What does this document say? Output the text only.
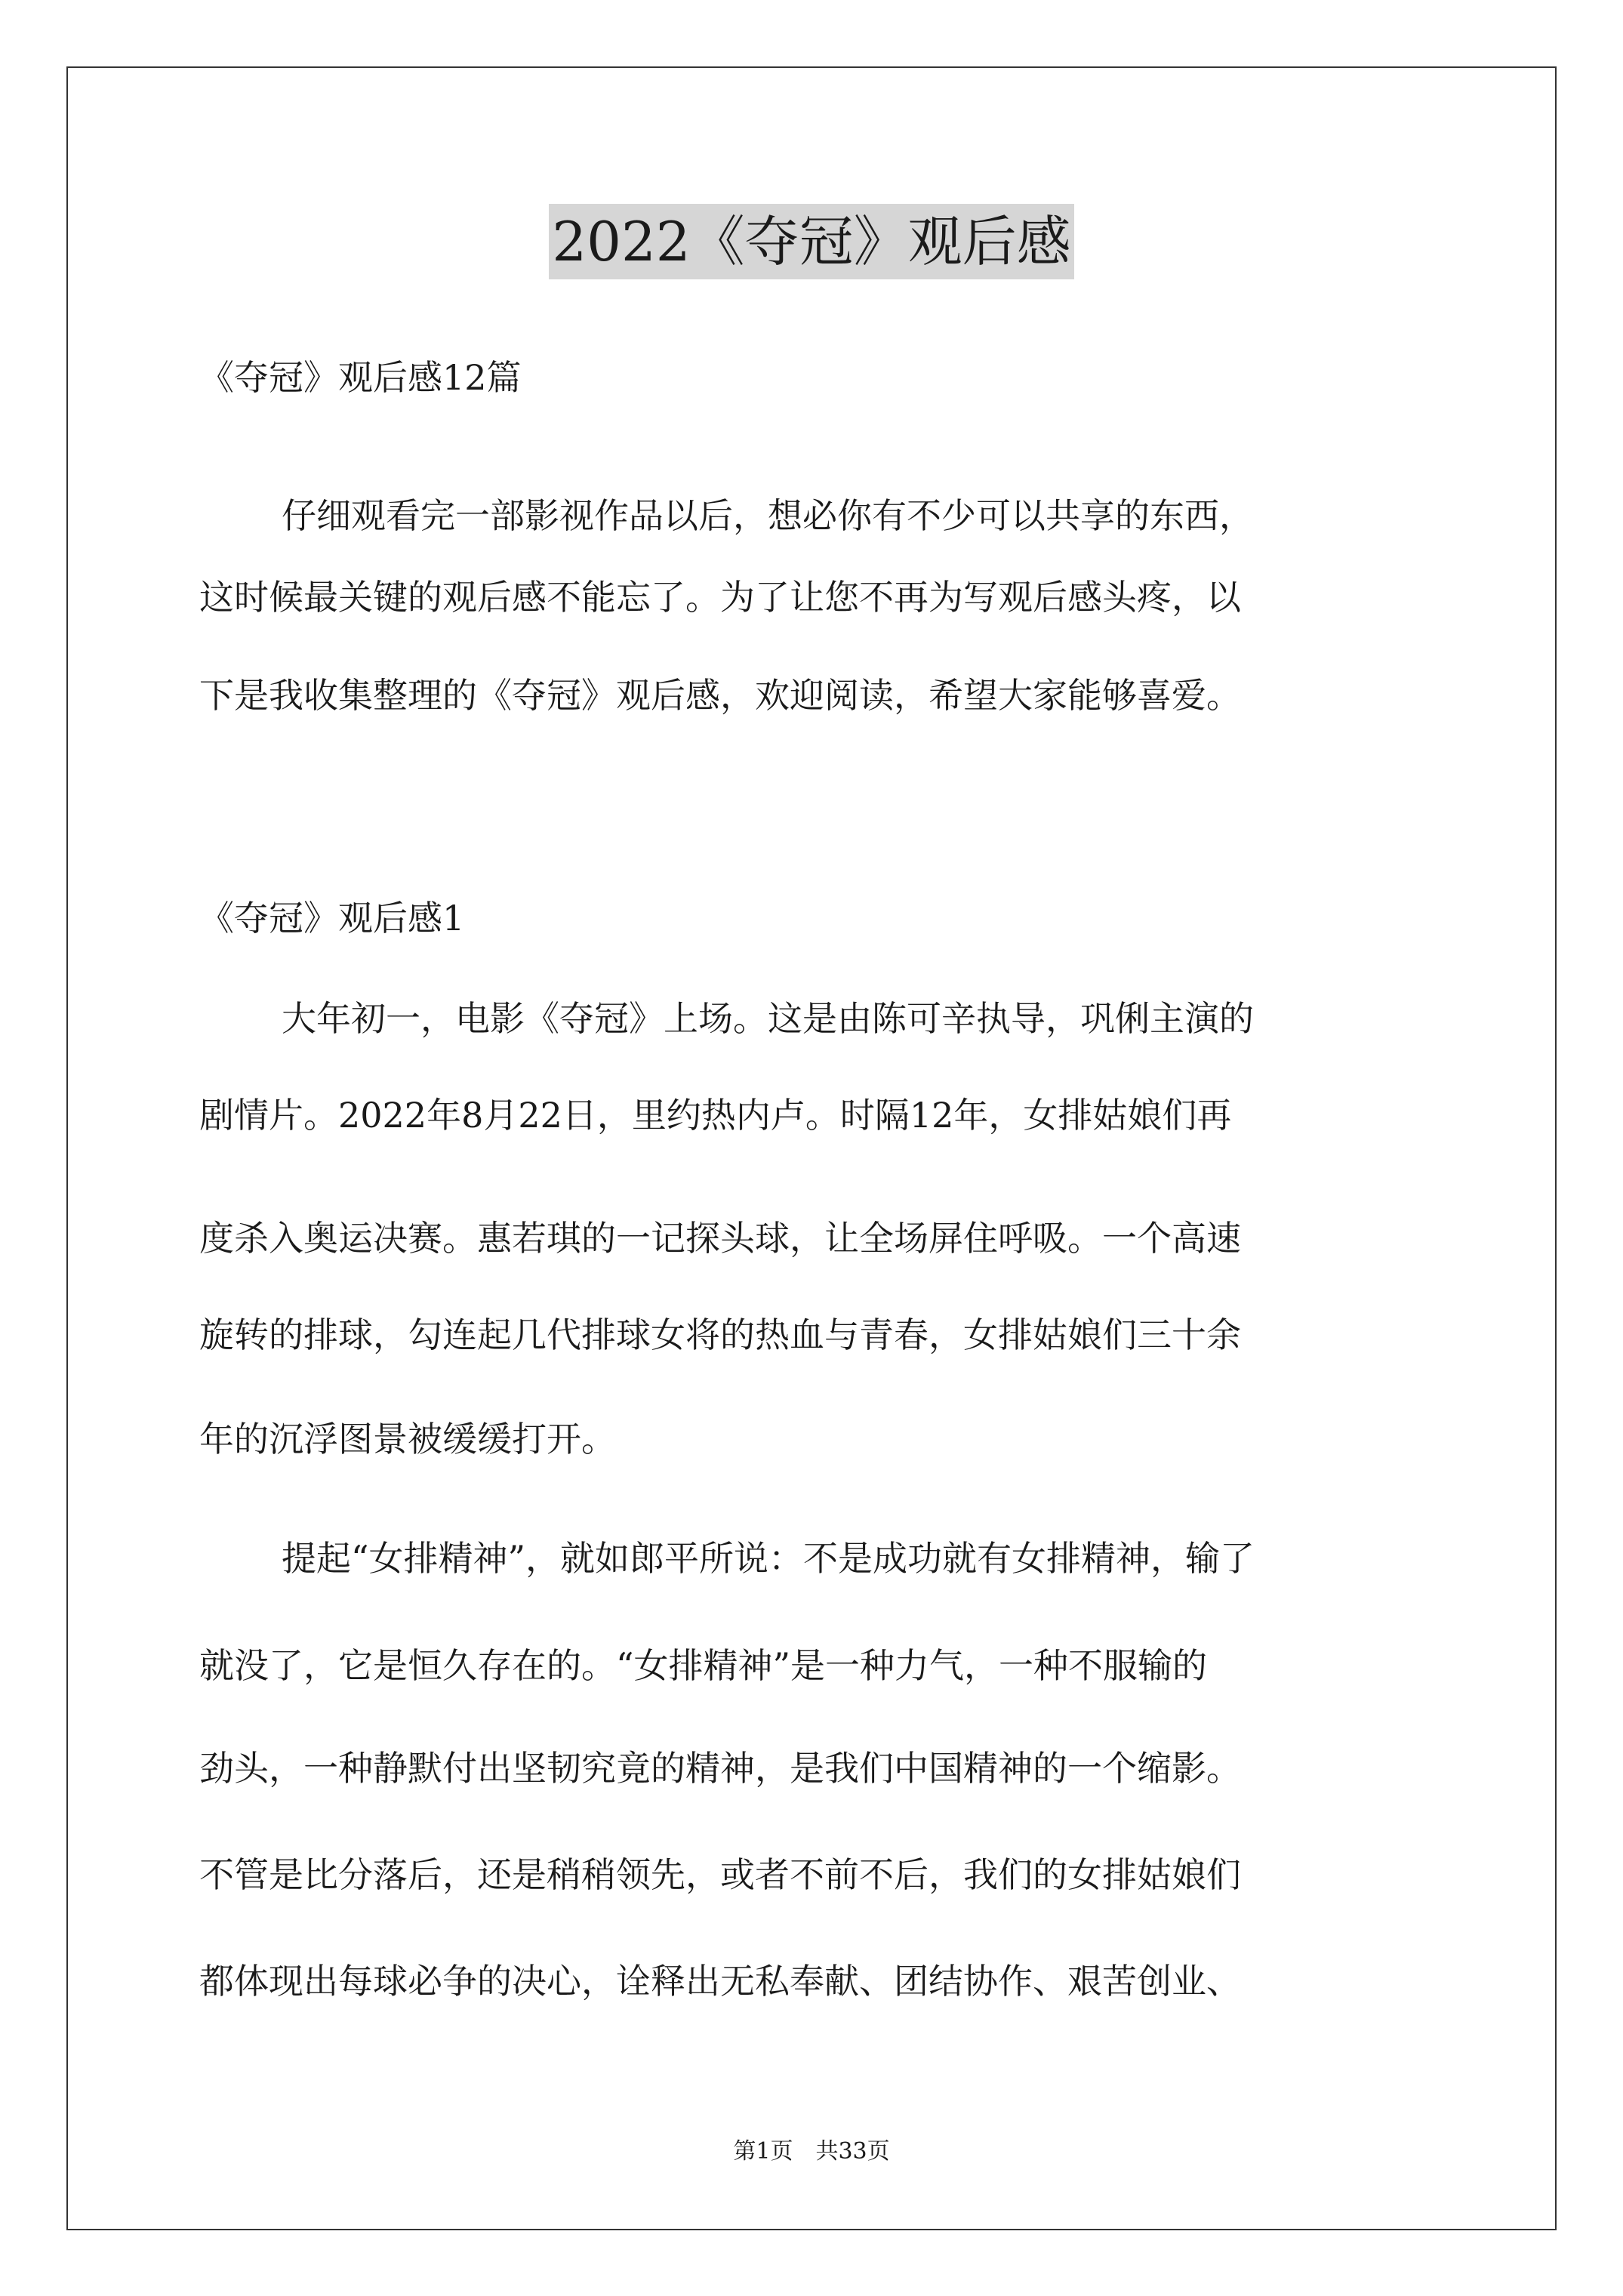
2022《夺冠》观后感
《夺冠》观后感12篇
仔细观看完一部影视作品以后，想必你有不少可以共享的东西，
这时候最关键的观后感不能忘了。为了让您不再为写观后感头疼，以
下是我收集整理的《夺冠》观后感，欢迎阅读，希望大家能够喜爱。
《夺冠》观后感1
大年初一，电影《夺冠》上场。这是由陈可辛执导，巩俐主演的
剧情片。2022年8月22日，里约热内卢。时隔12年，女排姑娘们再
度杀入奥运决赛。惠若琪的一记探头球，让全场屏住呼吸。一个高速
旋转的排球，勾连起几代排球女将的热血与青春，女排姑娘们三十余
年的沉浮图景被缓缓打开。
提起“女排精神”，就如郎平所说：不是成功就有女排精神，输了
就没了，它是恒久存在的。“女排精神”是一种力气，一种不服输的
劲头，一种静默付出坚韧究竟的精神，是我们中国精神的一个缩影。
不管是比分落后，还是稍稍领先，或者不前不后，我们的女排姑娘们
都体现出每球必争的决心，诠释出无私奉献、团结协作、艰苦创业、
第1页　共33页
